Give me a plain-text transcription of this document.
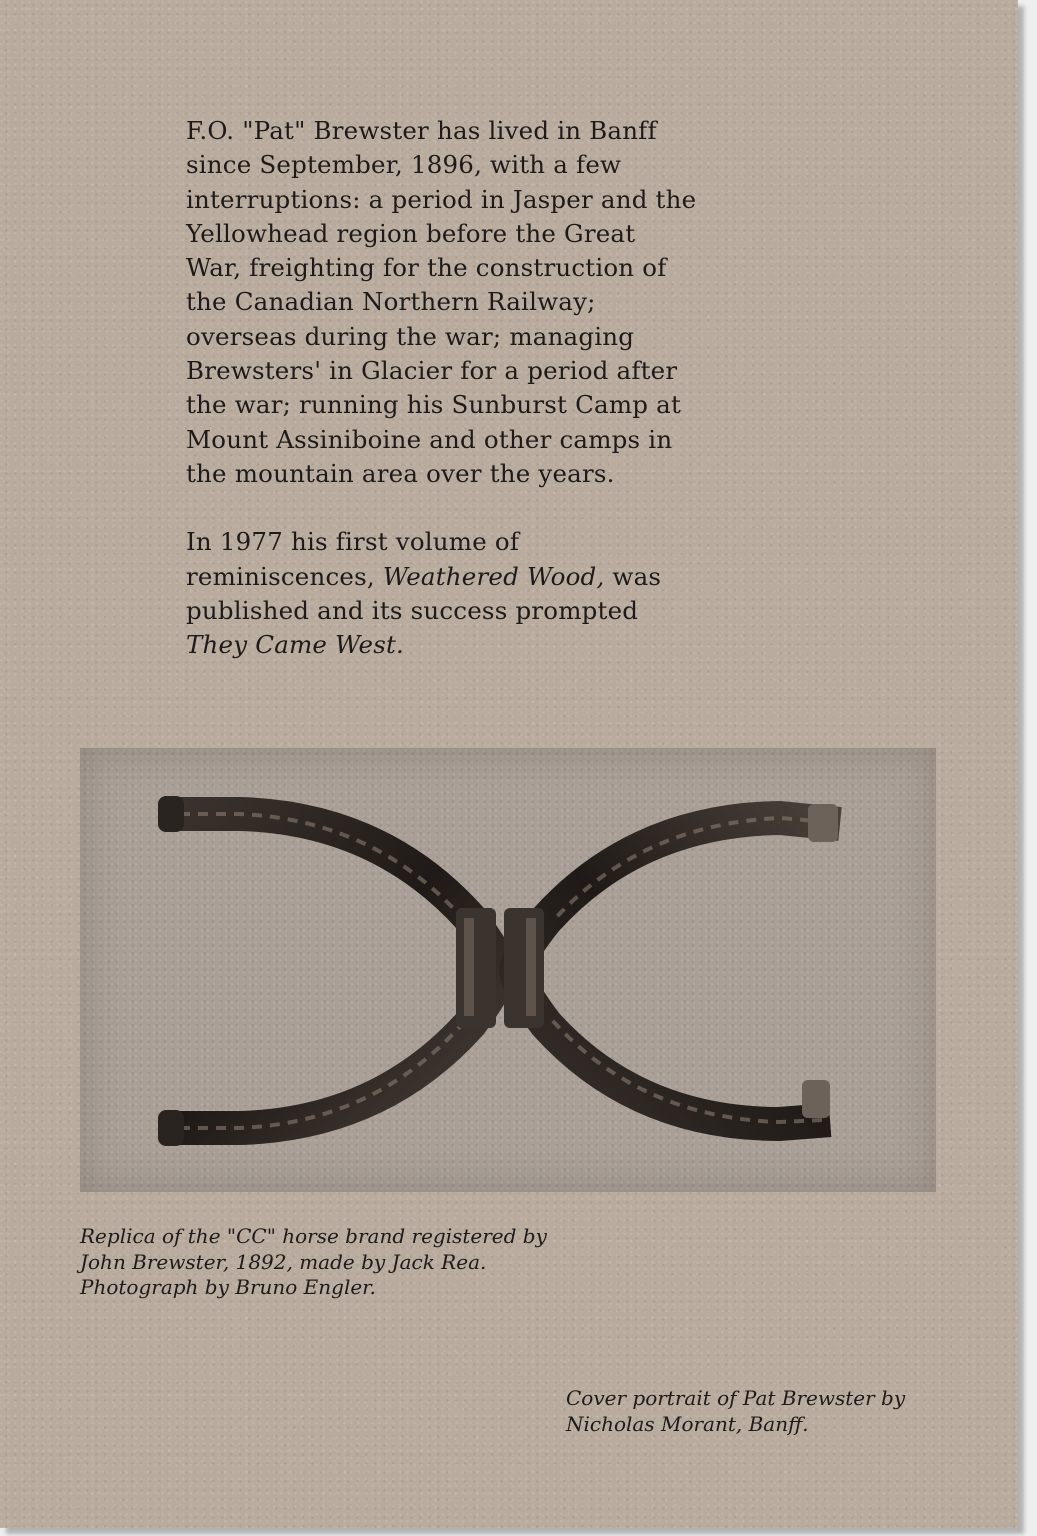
F.O. "Pat" Brewster has lived in Banff
since September, 1896, with a few
interruptions: a period in Jasper and the
Yellowhead region before the Great
War, freighting for the construction of
the Canadian Northern Railway;
overseas during the war; managing
Brewsters' in Glacier for a period after
the war; running his Sunburst Camp at
Mount Assiniboine and other camps in
the mountain area over the years.

In 1977 his first volume of
reminiscences, Weathered Wood, was
published and its success prompted
They Came West.

Replica of the "CC" horse brand registered by
John Brewster, 1892, made by Jack Rea.
Photograph by Bruno Engler.
Cover portrait of Pat Brewster by
Nicholas Morant, Banff.
